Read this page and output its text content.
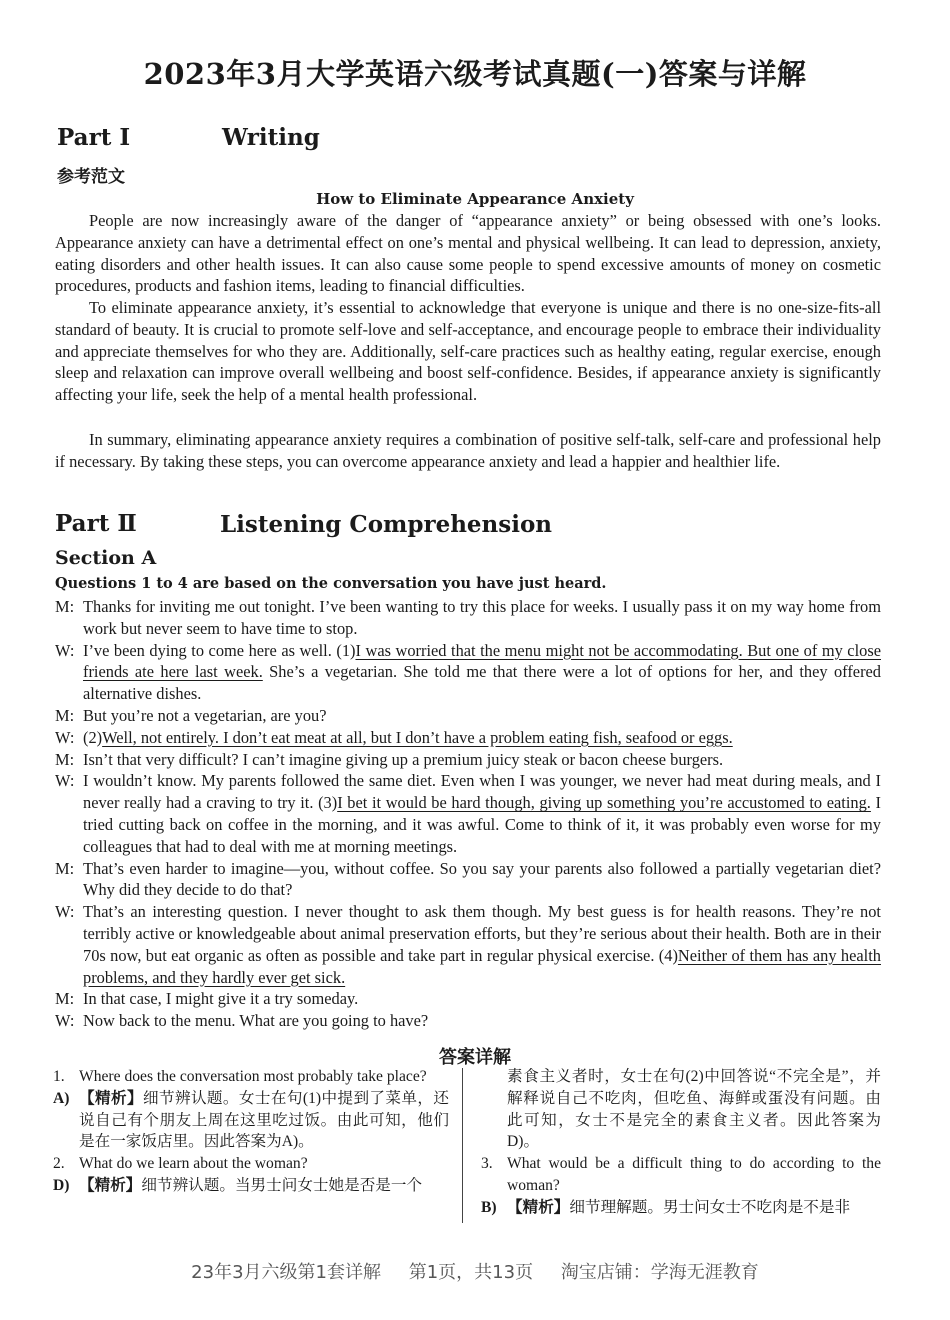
2023年3月大学英语六级考试真题(一)答案与详解
Part Ⅰ	Writing
参考范文
How to Eliminate Appearance Anxiety
People are now increasingly aware of the danger of “appearance anxiety” or being obsessed with one’s looks. Appearance anxiety can have a detrimental effect on one’s mental and physical wellbeing. It can lead to depression, anxiety, eating disorders and other health issues. It can also cause some people to spend excessive amounts of money on cosmetic procedures, products and fashion items, leading to financial difficulties.
To eliminate appearance anxiety, it’s essential to acknowledge that everyone is unique and there is no one-size-fits-all standard of beauty. It is crucial to promote self-love and self-acceptance, and encourage people to embrace their individuality and appreciate themselves for who they are. Additionally, self-care practices such as healthy eating, regular exercise, enough sleep and relaxation can improve overall wellbeing and boost self-confidence. Besides, if appearance anxiety is significantly affecting your life, seek the help of a mental health professional.
In summary, eliminating appearance anxiety requires a combination of positive self-talk, self-care and professional help if necessary. By taking these steps, you can overcome appearance anxiety and lead a happier and healthier life.
Part Ⅱ	Listening Comprehension
Section A
Questions 1 to 4 are based on the conversation you have just heard.
M: Thanks for inviting me out tonight. I’ve been wanting to try this place for weeks. I usually pass it on my way home from work but never seem to have time to stop.
W: I’ve been dying to come here as well. (1)I was worried that the menu might not be accommodating. But one of my close friends ate here last week. She’s a vegetarian. She told me that there were a lot of options for her, and they offered alternative dishes.
M: But you’re not a vegetarian, are you?
W: (2)Well, not entirely. I don’t eat meat at all, but I don’t have a problem eating fish, seafood or eggs.
M: Isn’t that very difficult? I can’t imagine giving up a premium juicy steak or bacon cheese burgers.
W: I wouldn’t know. My parents followed the same diet. Even when I was younger, we never had meat during meals, and I never really had a craving to try it. (3)I bet it would be hard though, giving up something you’re accustomed to eating. I tried cutting back on coffee in the morning, and it was awful. Come to think of it, it was probably even worse for my colleagues that had to deal with me at morning meetings.
M: That’s even harder to imagine—you, without coffee. So you say your parents also followed a partially vegetarian diet? Why did they decide to do that?
W: That’s an interesting question. I never thought to ask them though. My best guess is for health reasons. They’re not terribly active or knowledgeable about animal preservation efforts, but they’re serious about their health. Both are in their 70s now, but eat organic as often as possible and take part in regular physical exercise. (4)Neither of them has any health problems, and they hardly ever get sick.
M: In that case, I might give it a try someday.
W: Now back to the menu. What are you going to have?
答案详解
1. Where does the conversation most probably take place?
A) 【精析】细节辨认题。女士在句(1)中提到了菜单，还说自己有个朋友上周在这里吃过饭。由此可知，他们是在一家饭店里。因此答案为A)。
2. What do we learn about the woman?
D) 【精析】细节辨认题。当男士问女士她是否是一个
素食主义者时，女士在句(2)中回答说“不完全是”，并解释说自己不吃肉，但吃鱼、海鲜或蛋没有问题。由此可知，女士不是完全的素食主义者。因此答案为D)。
3. What would be a difficult thing to do according to the woman?
B) 【精析】细节理解题。男士问女士不吃肉是不是非
23年3月六级第1套详解 第1页，共13页 淘宝店铺：学海无涯教育
